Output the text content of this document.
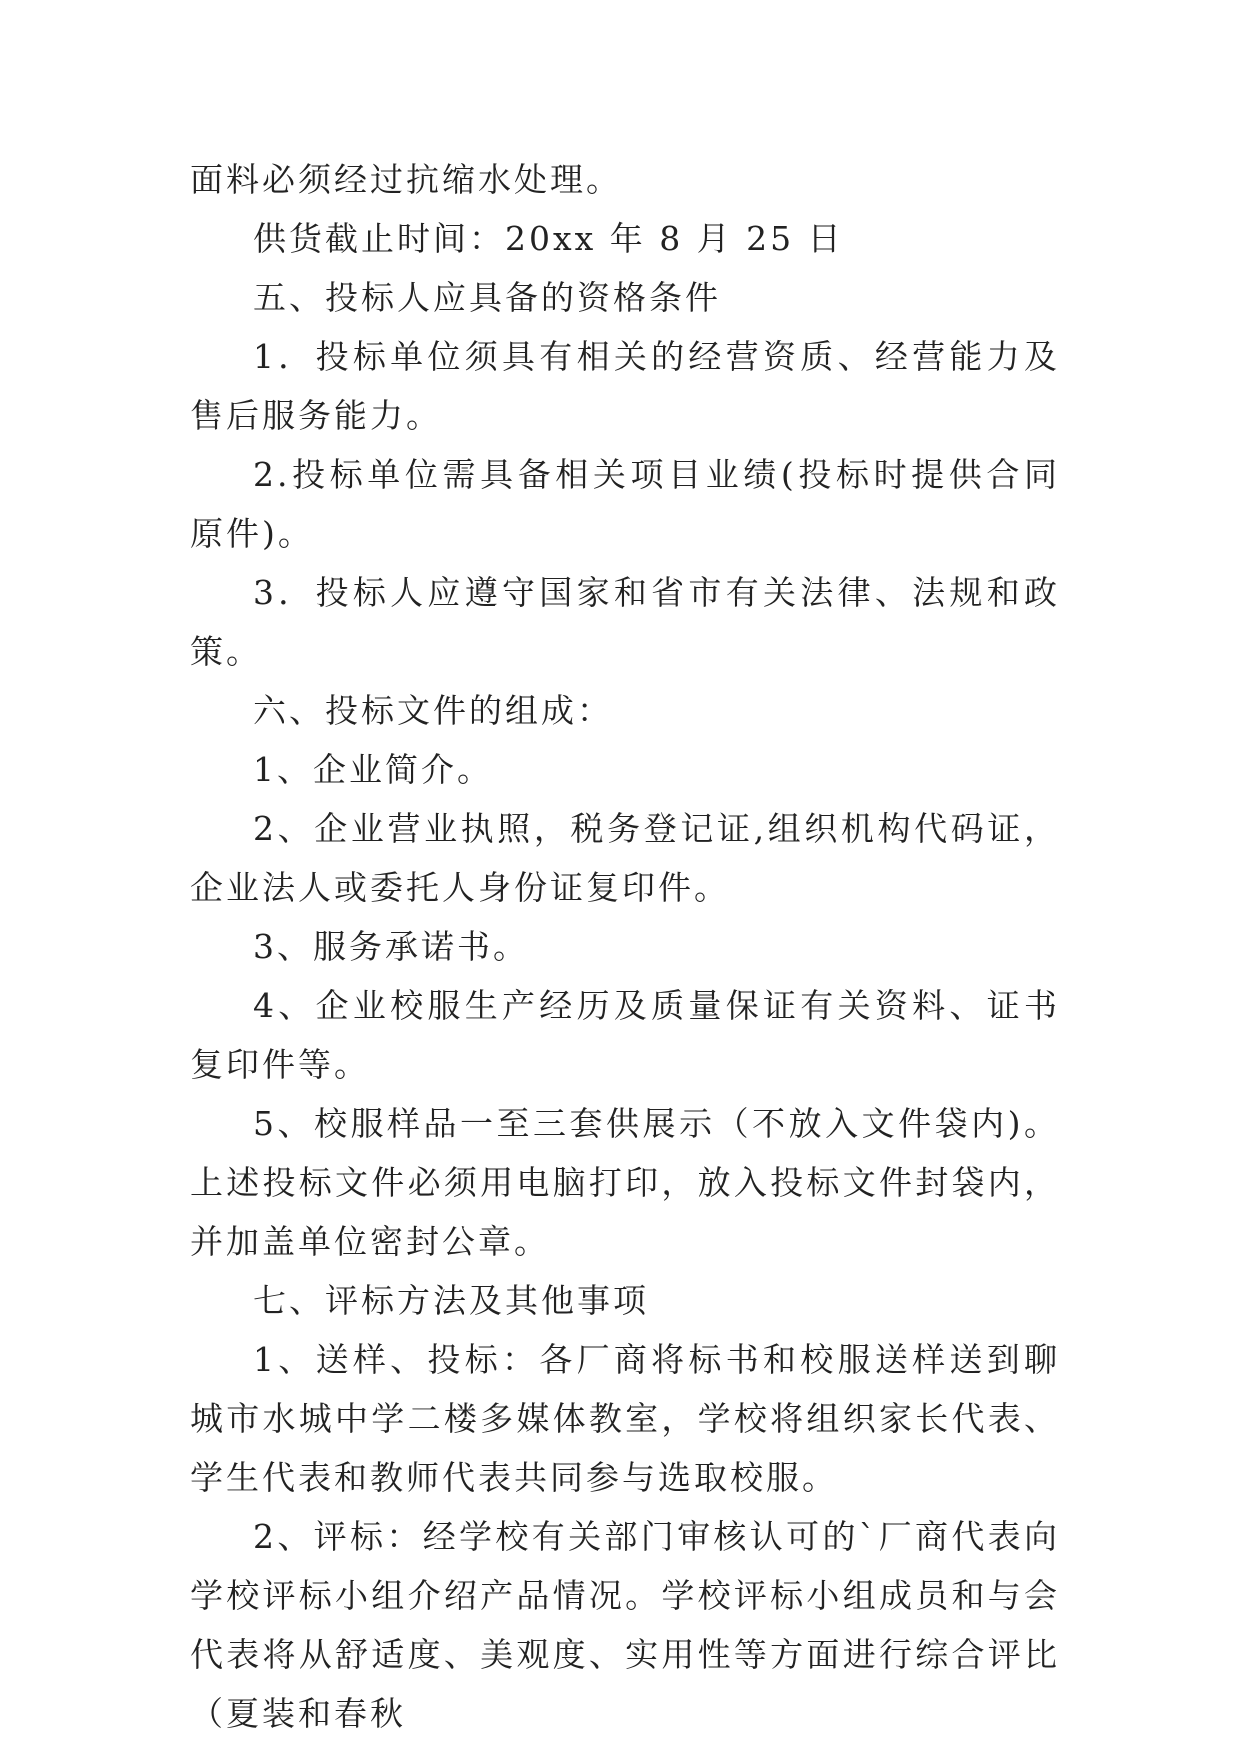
面料必须经过抗缩水处理。

供货截止时间：20xx 年 8 月 25 日

五、投标人应具备的资格条件

1．投标单位须具有相关的经营资质、经营能力及售后服务能力。

2.投标单位需具备相关项目业绩(投标时提供合同原件)。

3．投标人应遵守国家和省市有关法律、法规和政策。

六、投标文件的组成：

1、企业简介。

2、企业营业执照，税务登记证,组织机构代码证，企业法人或委托人身份证复印件。

3、服务承诺书。

4、企业校服生产经历及质量保证有关资料、证书复印件等。

5、校服样品一至三套供展示（不放入文件袋内)。上述投标文件必须用电脑打印，放入投标文件封袋内，并加盖单位密封公章。

七、评标方法及其他事项

1、送样、投标：各厂商将标书和校服送样送到聊城市水城中学二楼多媒体教室，学校将组织家长代表、学生代表和教师代表共同参与选取校服。

2、评标：经学校有关部门审核认可的`厂商代表向学校评标小组介绍产品情况。学校评标小组成员和与会代表将从舒适度、美观度、实用性等方面进行综合评比（夏装和春秋
